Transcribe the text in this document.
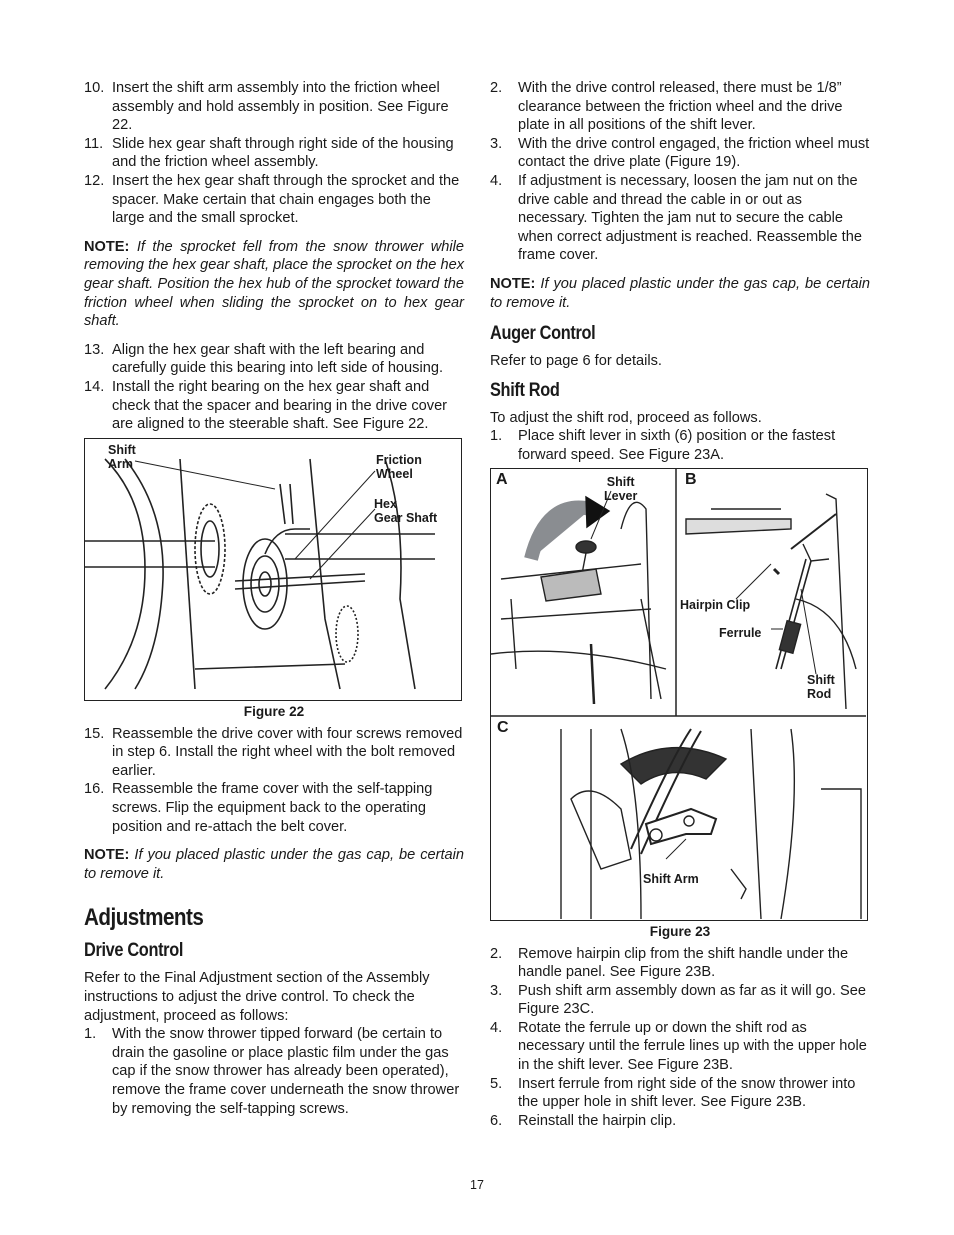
10. Insert the shift arm assembly into the friction wheel assembly and hold assembly in position. See Figure 22.
11. Slide hex gear shaft through right side of the housing and the friction wheel assembly.
12. Insert the hex gear shaft through the sprocket and the spacer. Make certain that chain engages both the large and the small sprocket.

NOTE: If the sprocket fell from the snow thrower while removing the hex gear shaft, place the sprocket on the hex gear shaft. Position the hex hub of the sprocket toward the friction wheel when sliding the sprocket on to hex gear shaft.

13. Align the hex gear shaft with the left bearing and carefully guide this bearing into left side of housing.
14. Install the right bearing on the hex gear shaft and check that the spacer and bearing in the drive cover are aligned to the steerable shaft. See Figure 22.
Shift
Arm	Friction
Wheel
Hex
Gear Shaft
Figure 22
15. Reassemble the drive cover with four screws removed in step 6. Install the right wheel with the bolt removed earlier.
16. Reassemble the frame cover with the self-tapping screws. Flip the equipment back to the operating position and re-attach the belt cover.

NOTE: If you placed plastic under the gas cap, be certain to remove it.

Adjustments
Drive Control

Refer to the Final Adjustment section of the Assembly instructions to adjust the drive control. To check the adjustment, proceed as follows:

1. With the snow thrower tipped forward (be certain to drain the gasoline or place plastic film under the gas cap if the snow thrower has already been operated), remove the frame cover underneath the snow thrower by removing the self-tapping screws.
2. With the drive control released, there must be 1/8” clearance between the friction wheel and the drive plate in all positions of the shift lever.
3. With the drive control engaged, the friction wheel must contact the drive plate (Figure 19).
4. If adjustment is necessary, loosen the jam nut on the drive cable and thread the cable in or out as necessary. Tighten the jam nut to secure the cable when correct adjustment is reached. Reassemble the frame cover.

NOTE: If you placed plastic under the gas cap, be certain to remove it.

Auger Control

Refer to page 6 for details.

Shift Rod

To adjust the shift rod, proceed as follows.

1. Place shift lever in sixth (6) position or the fastest forward speed. See Figure 23A.
A	B
C
Shift
Lever
Hairpin Clip
Ferrule
Shift
Rod
Shift Arm
Figure 23
2. Remove hairpin clip from the shift handle under the handle panel. See Figure 23B.
3. Push shift arm assembly down as far as it will go. See Figure 23C.
4. Rotate the ferrule up or down the shift rod as necessary until the ferrule lines up with the upper hole in the shift lever. See Figure 23B.
5. Insert ferrule from right side of the snow thrower into the upper hole in shift lever. See Figure 23B.
6. Reinstall the hairpin clip.
17
